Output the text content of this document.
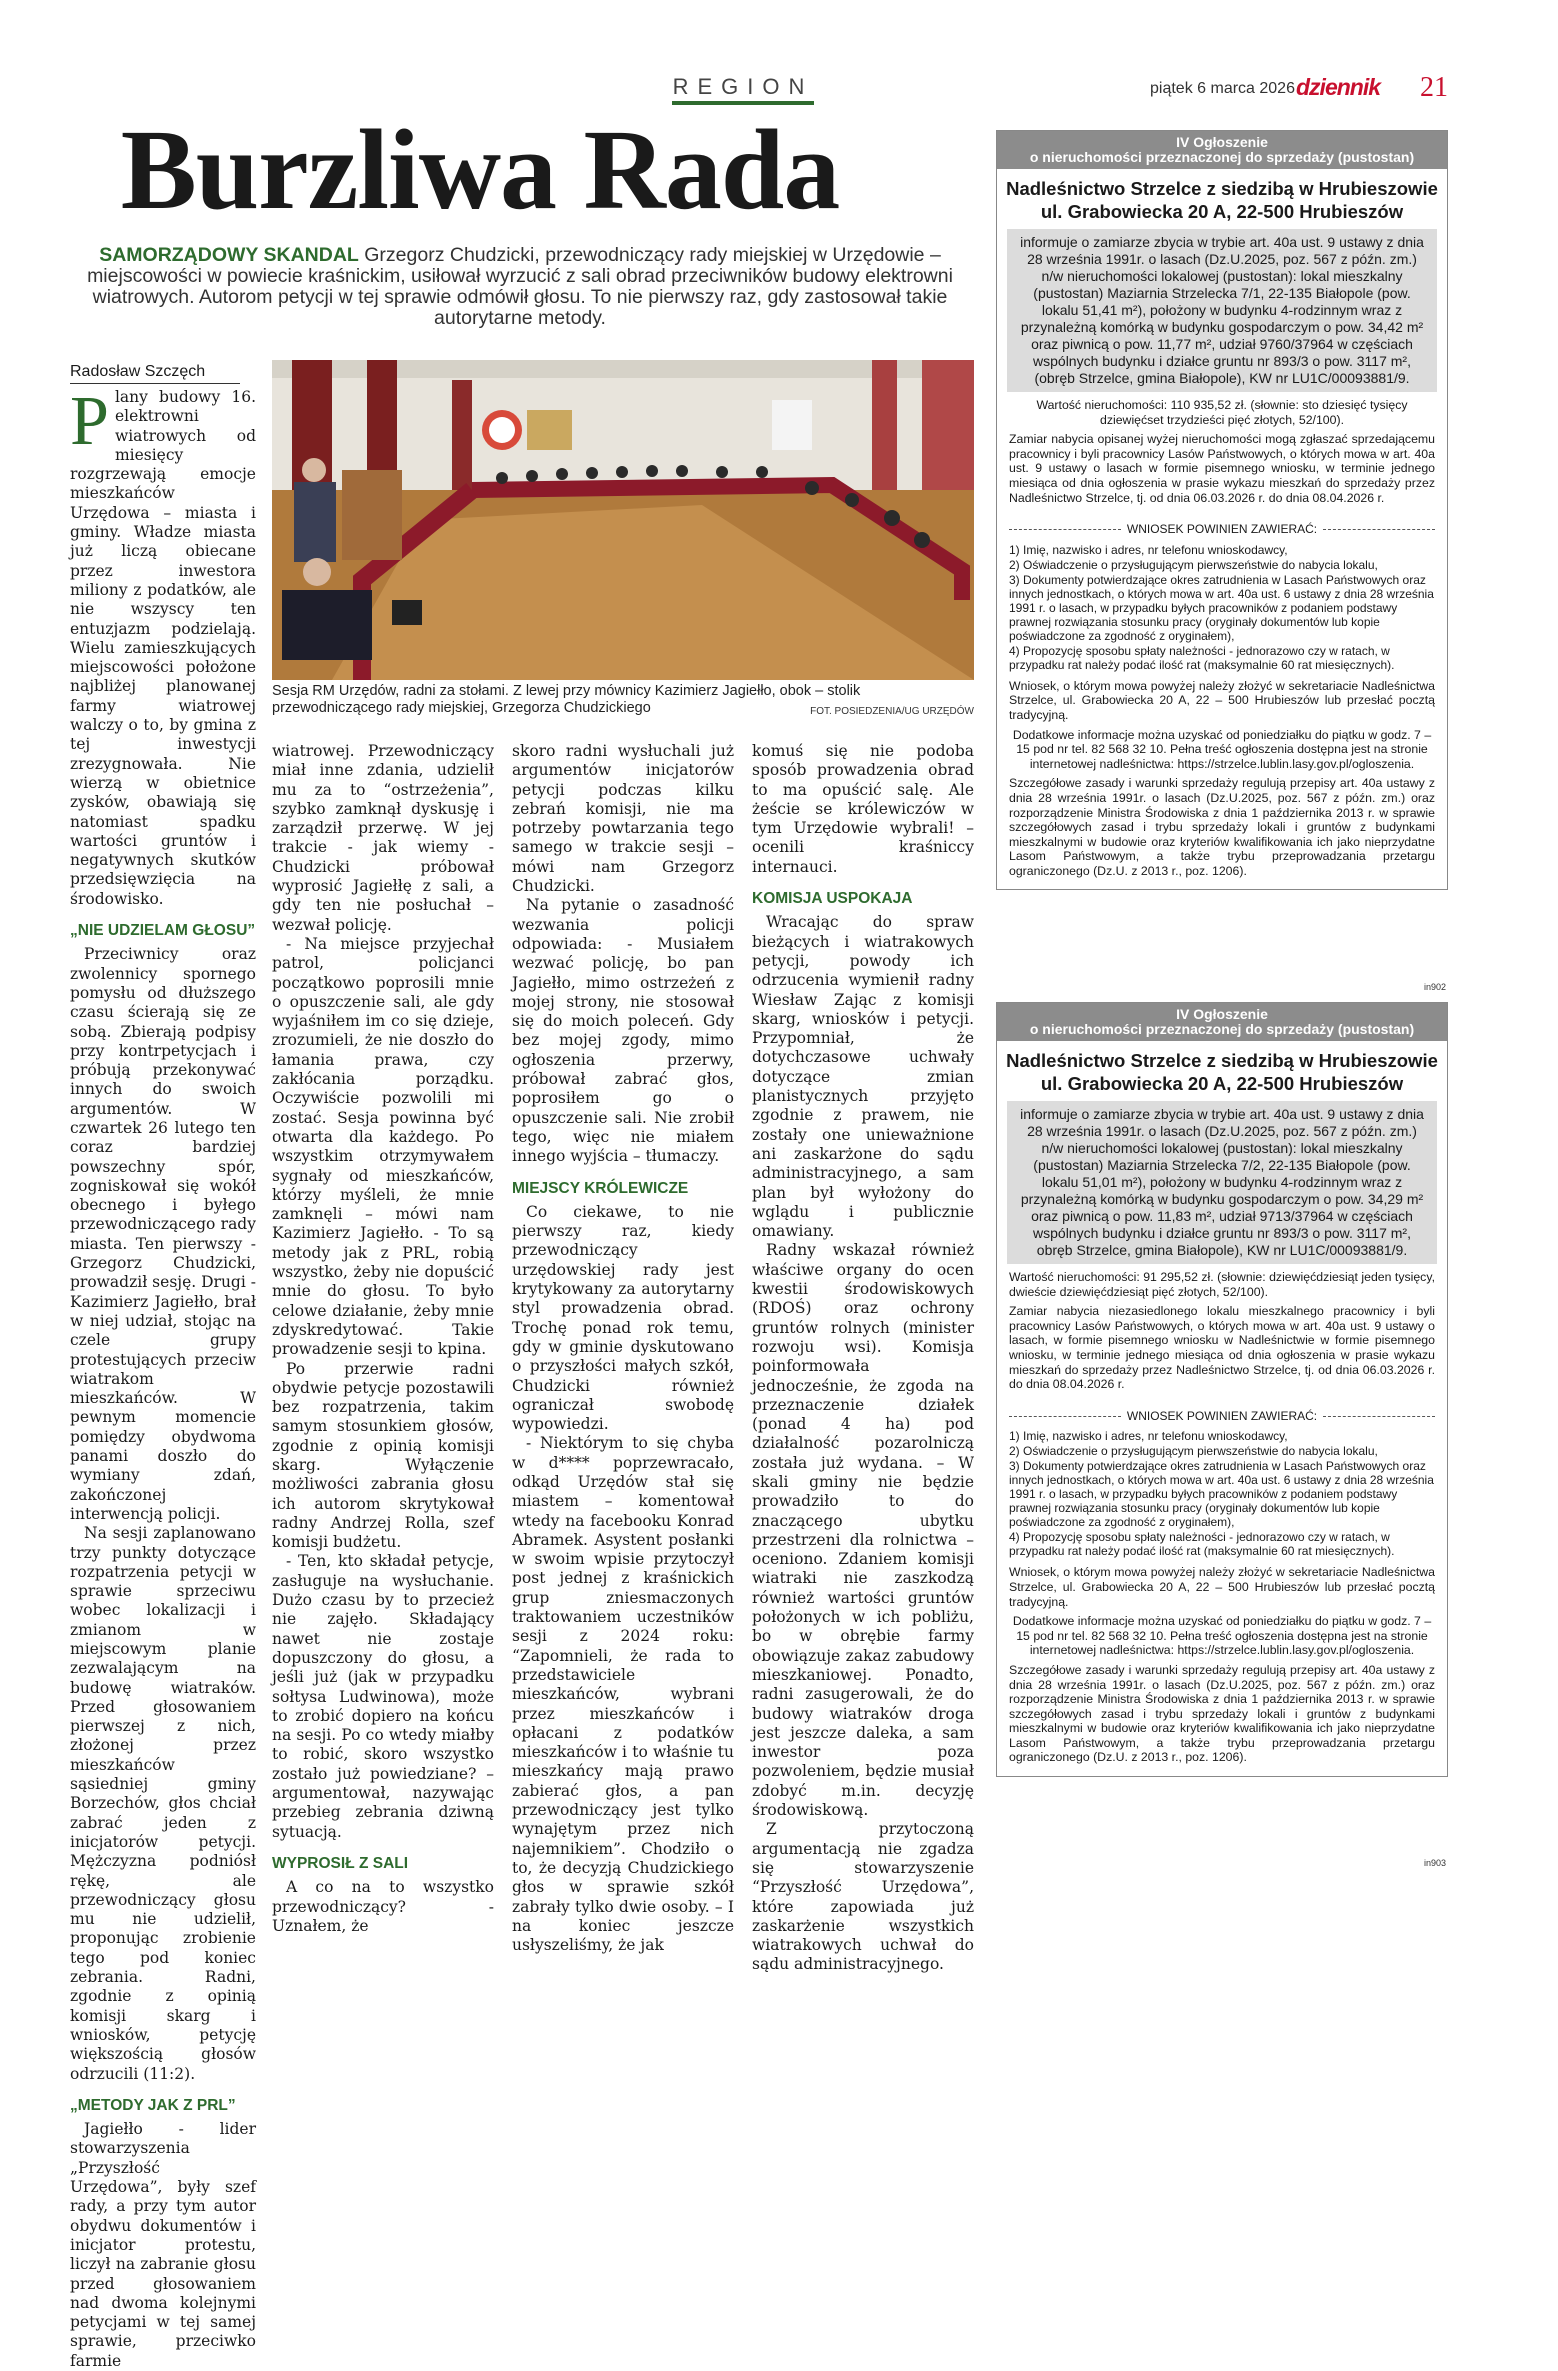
REGION	piątek 6 marca 2026 dziennik 21
Burzliwa Rada
SAMORZĄDOWY SKANDAL Grzegorz Chudzicki, przewodniczący rady miejskiej w Urzędowie – miejscowości w powiecie kraśnickim, usiłował wyrzucić z sali obrad przeciwników budowy elektrowni wiatrowych. Autorom petycji w tej sprawie odmówił głosu. To nie pierwszy raz, gdy zastosował takie autorytarne metody.
Radosław Szczęch
Sesja RM Urzędów, radni za stołami. Z lewej przy mównicy Kazimierz Jagiełło, obok – stolik przewodniczącego rady miejskiej, Grzegorza Chudzickiego	FOT. POSIEDZENIA/UG URZĘDÓW

Plany budowy 16. elektrowni wiatrowych od miesięcy rozgrzewają emocje mieszkańców Urzędowa – miasta i gminy. Władze miasta już liczą obiecane przez inwestora miliony z podatków, ale nie wszyscy ten entuzjazm podzielają. Wielu zamieszkujących miejscowości położone najbliżej planowanej farmy wiatrowej walczy o to, by gmina z tej inwestycji zrezygnowała. Nie wierzą w obietnice zysków, obawiają się natomiast spadku wartości gruntów i negatywnych skutków przedsięwzięcia na środowisko.

„NIE UDZIELAM GŁOSU”

Przeciwnicy oraz zwolennicy spornego pomysłu od dłuższego czasu ścierają się ze sobą. Zbierają podpisy przy kontrpetycjach i próbują przekonywać innych do swoich argumentów. W czwartek 26 lutego ten coraz bardziej powszechny spór, zogniskował się wokół obecnego i byłego przewodniczącego rady miasta. Ten pierwszy - Grzegorz Chudzicki, prowadził sesję. Drugi - Kazimierz Jagiełło, brał w niej udział, stojąc na czele grupy protestujących przeciw wiatrakom mieszkańców. W pewnym momencie pomiędzy obydwoma panami doszło do wymiany zdań, zakończonej interwencją policji.

Na sesji zaplanowano trzy punkty dotyczące rozpatrzenia petycji w sprawie sprzeciwu wobec lokalizacji i zmianom w miejscowym planie zezwalającym na budowę wiatraków. Przed głosowaniem pierwszej z nich, złożonej przez mieszkańców sąsiedniej gminy Borzechów, głos chciał zabrać jeden z inicjatorów petycji. Mężczyzna podniósł rękę, ale przewodniczący głosu mu nie udzielił, proponując zrobienie tego pod koniec zebrania. Radni, zgodnie z opinią komisji skarg i wniosków, petycję większością głosów odrzucili (11:2).

„METODY JAK Z PRL”

Jagiełło - lider stowarzyszenia „Przyszłość Urzędowa”, były szef rady, a przy tym autor obydwu dokumentów i inicjator protestu, liczył na zabranie głosu przed głosowaniem nad dwoma kolejnymi petycjami w tej samej sprawie, przeciwko farmie

wiatrowej. Przewodniczący miał inne zdania, udzielił mu za to “ostrzeżenia”, szybko zamknął dyskusję i zarządził przerwę. W jej trakcie - jak wiemy - Chudzicki próbował wyprosić Jagiełłę z sali, a gdy ten nie posłuchał – wezwał policję.

- Na miejsce przyjechał patrol, policjanci początkowo poprosili mnie o opuszczenie sali, ale gdy wyjaśniłem im co się dzieje, zrozumieli, że nie doszło do łamania prawa, czy zakłócania porządku. Oczywiście pozwolili mi zostać. Sesja powinna być otwarta dla każdego. Po wszystkim otrzymywałem sygnały od mieszkańców, którzy myśleli, że mnie zamknęli – mówi nam Kazimierz Jagiełło. - To są metody jak z PRL, robią wszystko, żeby nie dopuścić mnie do głosu. To było celowe działanie, żeby mnie zdyskredytować. Takie prowadzenie sesji to kpina.

Po przerwie radni obydwie petycje pozostawili bez rozpatrzenia, takim samym stosunkiem głosów, zgodnie z opinią komisji skarg. Wyłączenie możliwości zabrania głosu ich autorom skrytykował radny Andrzej Rolla, szef komisji budżetu.

- Ten, kto składał petycje, zasługuje na wysłuchanie. Dużo czasu by to przecież nie zajęło. Składający nawet nie zostaje dopuszczony do głosu, a jeśli już (jak w przypadku sołtysa Ludwinowa), może to zrobić dopiero na końcu na sesji. Po co wtedy miałby to robić, skoro wszystko zostało już powiedziane? – argumentował, nazywając przebieg zebrania dziwną sytuacją.

WYPROSIŁ Z SALI

A co na to wszystko przewodniczący? - Uznałem, że

skoro radni wysłuchali już argumentów inicjatorów petycji podczas kilku zebrań komisji, nie ma potrzeby powtarzania tego samego w trakcie sesji – mówi nam Grzegorz Chudzicki.

Na pytanie o zasadność wezwania policji odpowiada: - Musiałem wezwać policję, bo pan Jagiełło, mimo ostrzeżeń z mojej strony, nie stosował się do moich poleceń. Gdy bez mojej zgody, mimo ogłoszenia przerwy, próbował zabrać głos, poprosiłem go o opuszczenie sali. Nie zrobił tego, więc nie miałem innego wyjścia – tłumaczy.

MIEJSCY KRÓLEWICZE

Co ciekawe, to nie pierwszy raz, kiedy przewodniczący urzędowskiej rady jest krytykowany za autorytarny styl prowadzenia obrad. Trochę ponad rok temu, gdy w gminie dyskutowano o przyszłości małych szkół, Chudzicki również ograniczał swobodę wypowiedzi.

- Niektórym to się chyba w d**** poprzewracało, odkąd Urzędów stał się miastem – komentował wtedy na facebooku Konrad Abramek. Asystent posłanki w swoim wpisie przytoczył post jednej z kraśnickich grup zniesmaczonych traktowaniem uczestników sesji z 2024 roku: “Zapomnieli, że rada to przedstawiciele mieszkańców, wybrani przez mieszkańców i opłacani z podatków mieszkańców i to właśnie tu mieszkańcy mają prawo zabierać głos, a pan przewodniczący jest tylko wynajętym przez nich najemnikiem”. Chodziło o to, że decyzją Chudzickiego głos w sprawie szkół zabrały tylko dwie osoby. – I na koniec jeszcze usłyszeliśmy, że jak

komuś się nie podoba sposób prowadzenia obrad to ma opuścić salę. Ale żeście se królewiczów w tym Urzędowie wybrali! – ocenili kraśniccy internauci.

KOMISJA USPOKAJA

Wracając do spraw bieżących i wiatrakowych petycji, powody ich odrzucenia wymienił radny Wiesław Zając z komisji skarg, wniosków i petycji. Przypomniał, że dotychczasowe uchwały dotyczące zmian planistycznych przyjęto zgodnie z prawem, nie zostały one unieważnione ani zaskarżone do sądu administracyjnego, a sam plan był wyłożony do wglądu i publicznie omawiany.

Radny wskazał również właściwe organy do ocen kwestii środowiskowych (RDOŚ) oraz ochrony gruntów rolnych (minister rozwoju wsi). Komisja poinformowała jednocześnie, że zgoda na przeznaczenie działek (ponad 4 ha) pod działalność pozarolniczą została już wydana. – W skali gminy nie będzie prowadziło to do znaczącego ubytku przestrzeni dla rolnictwa – oceniono. Zdaniem komisji wiatraki nie zaszkodzą również wartości gruntów położonych w ich pobliżu, bo w obrębie farmy obowiązuje zakaz zabudowy mieszkaniowej. Ponadto, radni zasugerowali, że do budowy wiatraków droga jest jeszcze daleka, a sam inwestor poza pozwoleniem, będzie musiał zdobyć m.in. decyzję środowiskową.

Z przytoczoną argumentacją nie zgadza się stowarzyszenie “Przyszłość Urzędowa”, które zapowiada już zaskarżenie wszystkich wiatrakowych uchwał do sądu administracyjnego.

IV Ogłoszenie
o nieruchomości przeznaczonej do sprzedaży (pustostan)
Nadleśnictwo Strzelce z siedzibą w Hrubieszowie
ul. Grabowiecka 20 A, 22-500 Hrubieszów
informuje o zamiarze zbycia w trybie art. 40a ust. 9 ustawy z dnia 28 września 1991r. o lasach (Dz.U.2025, poz. 567 z późn. zm.) n/w nieruchomości lokalowej (pustostan): lokal mieszkalny (pustostan) Maziarnia Strzelecka 7/1, 22-135 Białopole (pow. lokalu 51,41 m²), położony w budynku 4-rodzinnym wraz z przynależną komórką w budynku gospodarczym o pow. 34,42 m² oraz piwnicą o pow. 11,77 m², udział 9760/37964 w częściach wspólnych budynku i działce gruntu nr 893/3 o pow. 3117 m², (obręb Strzelce, gmina Białopole), KW nr LU1C/00093881/9.

Wartość nieruchomości: 110 935,52 zł. (słownie: sto dziesięć tysięcy dziewięćset trzydzieści pięć złotych, 52/100).

Zamiar nabycia opisanej wyżej nieruchomości mogą zgłaszać sprzedającemu pracownicy i byli pracownicy Lasów Państwowych, o których mowa w art. 40a ust. 9 ustawy o lasach w formie pisemnego wniosku, w terminie jednego miesiąca od dnia ogłoszenia w prasie wykazu mieszkań do sprzedaży przez Nadleśnictwo Strzelce, tj. od dnia 06.03.2026 r. do dnia 08.04.2026 r.

WNIOSEK POWINIEN ZAWIERAĆ:
1) Imię, nazwisko i adres, nr telefonu wnioskodawcy,
2) Oświadczenie o przysługującym pierwszeństwie do nabycia lokalu,
3) Dokumenty potwierdzające okres zatrudnienia w Lasach Państwowych oraz innych jednostkach, o których mowa w art. 40a ust. 6 ustawy z dnia 28 września 1991 r. o lasach, w przypadku byłych pracowników z podaniem podstawy prawnej rozwiązania stosunku pracy (oryginały dokumentów lub kopie poświadczone za zgodność z oryginałem),
4) Propozycję sposobu spłaty należności - jednorazowo czy w ratach, w przypadku rat należy podać ilość rat (maksymalnie 60 rat miesięcznych).

Wniosek, o którym mowa powyżej należy złożyć w sekretariacie Nadleśnictwa Strzelce, ul. Grabowiecka 20 A, 22 – 500 Hrubieszów lub przesłać pocztą tradycyjną.

Dodatkowe informacje można uzyskać od poniedziałku do piątku w godz. 7 – 15 pod nr tel. 82 568 32 10. Pełna treść ogłoszenia dostępna jest na stronie internetowej nadleśnictwa: https://strzelce.lublin.lasy.gov.pl/ogloszenia.

Szczegółowe zasady i warunki sprzedaży regulują przepisy art. 40a ustawy z dnia 28 września 1991r. o lasach (Dz.U.2025, poz. 567 z późn. zm.) oraz rozporządzenie Ministra Środowiska z dnia 1 października 2013 r. w sprawie szczegółowych zasad i trybu sprzedaży lokali i gruntów z budynkami mieszkalnymi w budowie oraz kryteriów kwalifikowania ich jako nieprzydatne Lasom Państwowym, a także trybu przeprowadzania przetargu ograniczonego (Dz.U. z 2013 r., poz. 1206).

in902
IV Ogłoszenie
o nieruchomości przeznaczonej do sprzedaży (pustostan)
Nadleśnictwo Strzelce z siedzibą w Hrubieszowie
ul. Grabowiecka 20 A, 22-500 Hrubieszów
informuje o zamiarze zbycia w trybie art. 40a ust. 9 ustawy z dnia 28 września 1991r. o lasach (Dz.U.2025, poz. 567 z późn. zm.) n/w nieruchomości lokalowej (pustostan): lokal mieszkalny (pustostan) Maziarnia Strzelecka 7/2, 22-135 Białopole (pow. lokalu 51,01 m²), położony w budynku 4-rodzinnym wraz z przynależną komórką w budynku gospodarczym o pow. 34,29 m² oraz piwnicą o pow. 11,83 m², udział 9713/37964 w częściach wspólnych budynku i działce gruntu nr 893/3 o pow. 3117 m², obręb Strzelce, gmina Białopole), KW nr LU1C/00093881/9.

Wartość nieruchomości: 91 295,52 zł. (słownie: dziewięćdziesiąt jeden tysięcy, dwieście dziewięćdziesiąt pięć złotych, 52/100).

Zamiar nabycia niezasiedlonego lokalu mieszkalnego pracownicy i byli pracownicy Lasów Państwowych, o których mowa w art. 40a ust. 9 ustawy o lasach, w formie pisemnego wniosku w Nadleśnictwie w formie pisemnego wniosku, w terminie jednego miesiąca od dnia ogłoszenia w prasie wykazu mieszkań do sprzedaży przez Nadleśnictwo Strzelce, tj. od dnia 06.03.2026 r. do dnia 08.04.2026 r.

WNIOSEK POWINIEN ZAWIERAĆ:
1) Imię, nazwisko i adres, nr telefonu wnioskodawcy,
2) Oświadczenie o przysługującym pierwszeństwie do nabycia lokalu,
3) Dokumenty potwierdzające okres zatrudnienia w Lasach Państwowych oraz innych jednostkach, o których mowa w art. 40a ust. 6 ustawy z dnia 28 września 1991 r. o lasach, w przypadku byłych pracowników z podaniem podstawy prawnej rozwiązania stosunku pracy (oryginały dokumentów lub kopie poświadczone za zgodność z oryginałem),
4) Propozycję sposobu spłaty należności - jednorazowo czy w ratach, w przypadku rat należy podać ilość rat (maksymalnie 60 rat miesięcznych).

Wniosek, o którym mowa powyżej należy złożyć w sekretariacie Nadleśnictwa Strzelce, ul. Grabowiecka 20 A, 22 – 500 Hrubieszów lub przesłać pocztą tradycyjną.

Dodatkowe informacje można uzyskać od poniedziałku do piątku w godz. 7 – 15 pod nr tel. 82 568 32 10. Pełna treść ogłoszenia dostępna jest na stronie internetowej nadleśnictwa: https://strzelce.lublin.lasy.gov.pl/ogloszenia.

Szczegółowe zasady i warunki sprzedaży regulują przepisy art. 40a ustawy z dnia 28 września 1991r. o lasach (Dz.U.2025, poz. 567 z późn. zm.) oraz rozporządzenie Ministra Środowiska z dnia 1 października 2013 r. w sprawie szczegółowych zasad i trybu sprzedaży lokali i gruntów z budynkami mieszkalnymi w budowie oraz kryteriów kwalifikowania ich jako nieprzydatne Lasom Państwowym, a także trybu przeprowadzania przetargu ograniczonego (Dz.U. z 2013 r., poz. 1206).

in903
